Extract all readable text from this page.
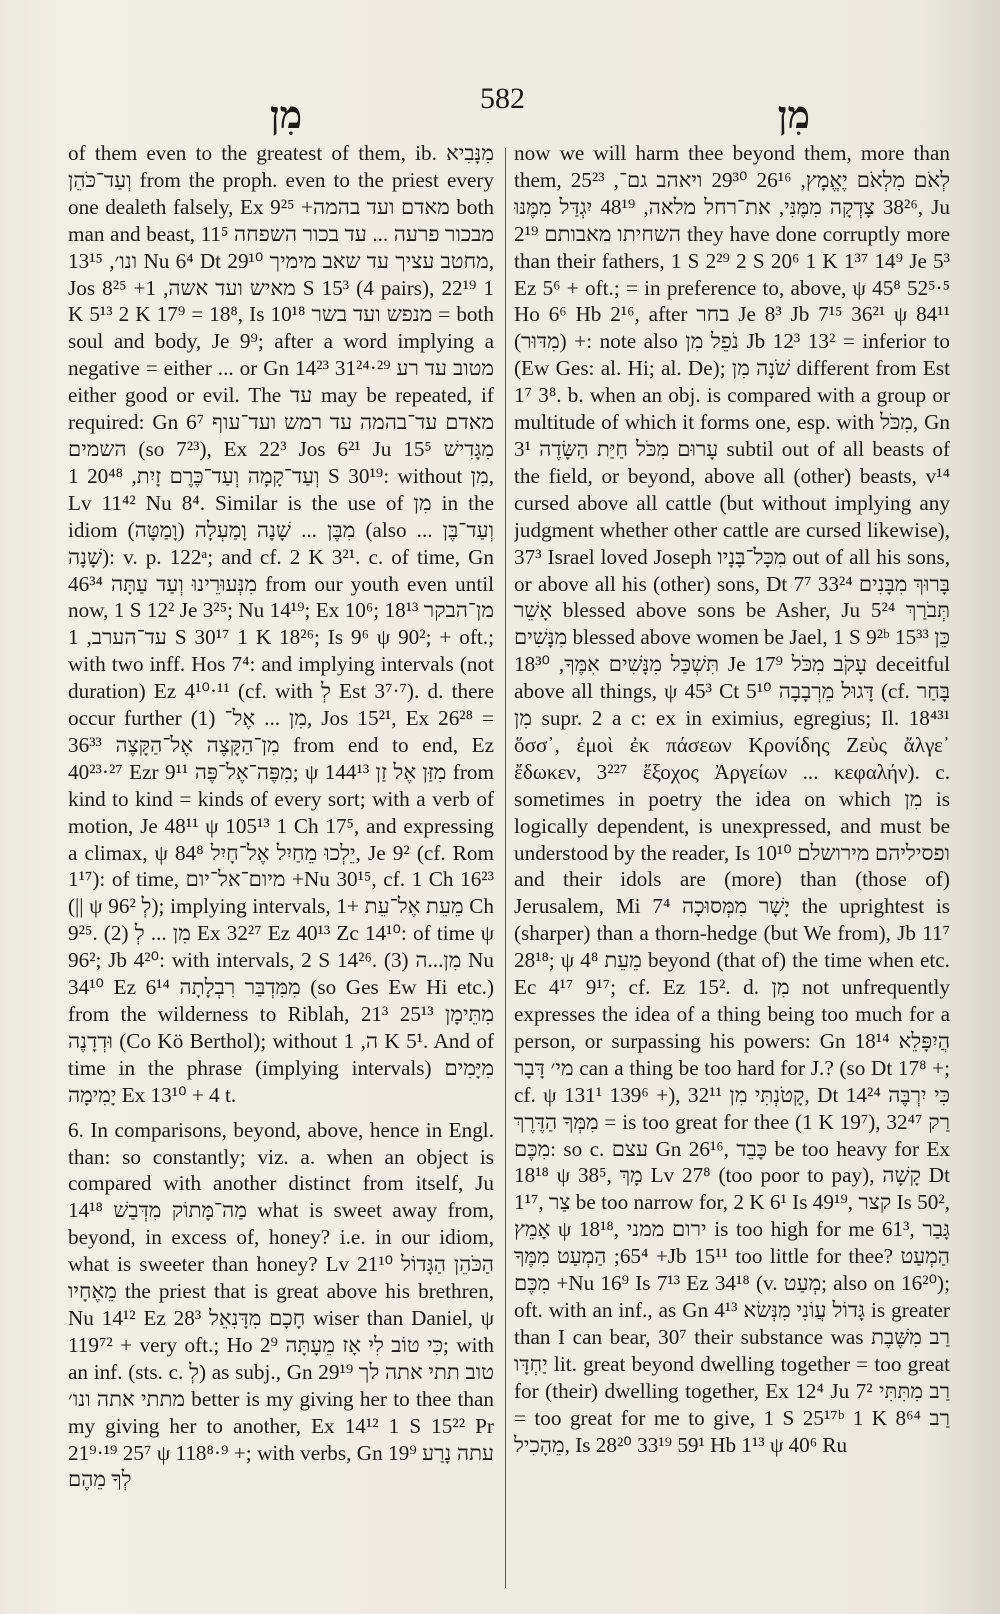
מִן	582	מִן

of them even to the greatest of them, ib. מִנָּבִיא וְעַד־כֹּהֵן from the proph. even to the priest every one dealeth falsely, Ex 9²⁵ +מאדם ועד בהמה both man and beast, 11⁵ מבכור פרעה ... עד בכור השפחה ונו׳, 13¹⁵ Nu 6⁴ Dt 29¹⁰ מחטב עציך עד שאב מימיך, Jos 8²⁵ +מאיש ועד אשה, 1 S 15³ (4 pairs), 22¹⁹ 1 K 5¹³ 2 K 17⁹ = 18⁸, Is 10¹⁸ מנפש ועד בשר = both soul and body, Je 9⁹; after a word implying a negative = either ... or Gn 14²³ 31²⁴·²⁹ מטוב עד רע either good or evil. The עד may be repeated, if required: Gn 6⁷ מאדם עד־בהמה עד רמש ועד־עוף השמים (so 7²³), Ex 22³ Jos 6²¹ Ju 15⁵ מִגָּדִישׁ וְעַד־קָמָה וְעַד־כֶּרֶם זָיִת, 20⁴⁸ 1 S 30¹⁹: without מִן, Lv 11⁴² Nu 8⁴. Similar is the use of מִן in the idiom מִבֶּן ... שָׁנָה וָמַעְלָה (וָמַטָּה) (also וְעַד־בֶּן ... שָׁנָה): v. p. 122ᵃ; and cf. 2 K 3²¹. c. of time, Gn 46³⁴ מִנְּעוּרֵינוּ וְעַד עַתָּה from our youth even until now, 1 S 12² Je 3²⁵; Nu 14¹⁹; Ex 10⁶; 18¹³ מן־הבקר עד־הערב, 1 S 30¹⁷ 1 K 18²⁶; Is 9⁶ ψ 90²; + oft.; with two inff. Hos 7⁴: and implying intervals (not duration) Ez 4¹⁰·¹¹ (cf. with לְ Est 3⁷·⁷). d. there occur further (1) מִן ... אֶל־, Jos 15²¹, Ex 26²⁸ = 36³³ מִן־הַקָּצֶה אֶל־הַקָּצֶה from end to end, Ez 40²³·²⁷ Ezr 9¹¹ מִפֶּה־אֶל־פֶּה; ψ 144¹³ מִזַּן אֶל זַן from kind to kind = kinds of every sort; with a verb of motion, Je 48¹¹ ψ 105¹³ 1 Ch 17⁵, and expressing a climax, ψ 84⁸ יֵלְכוּ מֵחַיִל אֶל־חָיִל, Je 9² (cf. Rom 1¹⁷): of time, מיום־אל־יום +Nu 30¹⁵, cf. 1 Ch 16²³ (|| ψ 96² לְ); implying intervals, מֵעֵת אֶל־עֵת +1 Ch 9²⁵. (2) מִן ... לְ Ex 32²⁷ Ez 40¹³ Zc 14¹⁰: of time ψ 96²; Jb 4²⁰: with intervals, 2 S 14²⁶. (3) מִן...ה Nu 34¹⁰ Ez 6¹⁴ מִמִּדְבַּר רִבְלָתָה (so Ges Ew Hi etc.) from the wilderness to Riblah, 21³ 25¹³ מִתֵּימָן וּדְדָנֶה (Co Kö Berthol); without ה, 1 K 5¹. And of time in the phrase (implying intervals) מִיָּמִים יָמִימָה Ex 13¹⁰ + 4 t.

6. In comparisons, beyond, above, hence in Engl. than: so constantly; viz. a. when an object is compared with another distinct from itself, Ju 14¹⁸ מַה־מָּתוֹק מִדְּבַשׁ what is sweet away from, beyond, in excess of, honey? i.e. in our idiom, what is sweeter than honey? Lv 21¹⁰ הַכֹּהֵן הַגָּדוֹל מֵאֶחָיו the priest that is great above his brethren, Nu 14¹² Ez 28³ חָכָם מִדָּנִאֵל wiser than Daniel, ψ 119⁷² + very oft.; Ho 2⁹ כִּי טוֹב לִי אָז מֵעָתָּה; with an inf. (sts. c. לְ) as subj., Gn 29¹⁹ טוב תתי אתה לך מתתי אתה ונו׳ better is my giving her to thee than my giving her to another, Ex 14¹² 1 S 15²² Pr 21⁹·¹⁹ 25⁷ ψ 118⁸·⁹ +; with verbs, Gn 19⁹ עתה נָרַע לְךָ מֵהֶם

now we will harm thee beyond them, more than them, 25²³ לְאֹם מִלְאֹם יֶאֱמָץ, 26¹⁶ 29³⁰ ויאהב גם־, 38²⁶ צָדְקָה מִמֶּנִּי, את־רחל מלאה, 48¹⁹ יִגְדַּל מִמֶּנּוּ, Ju 2¹⁹ השחיתו מאבותם they have done corruptly more than their fathers, 1 S 2²⁹ 2 S 20⁶ 1 K 1³⁷ 14⁹ Je 5³ Ez 5⁶ + oft.; = in preference to, above, ψ 45⁸ 52⁵·⁵ Ho 6⁶ Hb 2¹⁶, after בחר Je 8³ Jb 7¹⁵ 36²¹ ψ 84¹¹ (מִדּוּר) +: note also נֹפֵל מִן Jb 12³ 13² = inferior to (Ew Ges: al. Hi; al. De); שֹׁנָה מִן different from Est 1⁷ 3⁸. b. when an obj. is compared with a group or multitude of which it forms one, esp. with מִכֹּל, Gn 3¹ עָרוּם מִכֹּל חַיַּת הַשָּׂדֶה subtil out of all beasts of the field, or beyond, above all (other) beasts, v¹⁴ cursed above all cattle (but without implying any judgment whether other cattle are cursed likewise), 37³ Israel loved Joseph מִכָּל־בָּנָיו out of all his sons, or above all his (other) sons, Dt 7⁷ 33²⁴ בָּרוּךְ מִבָּנִים אָשֵׁר blessed above sons be Asher, Ju 5²⁴ תְּבֹרַךְ מִנָּשִׁים blessed above women be Jael, 1 S 9²ᵇ 15³³ כֵּן תִּשְׁכַּל מִנָּשִׁים אִמֶּךָ, 18³⁰ Je 17⁹ עָקֹב מִכֹּל deceitful above all things, ψ 45³ Ct 5¹⁰ דָּגוּל מֵרְבָבָה (cf. בָּחַר מִן supr. 2 a c: ex in eximius, egregius; Il. 18⁴³¹ ὅσσ᾽, ἐμοὶ ἐκ πάσεων Κρονίδης Ζεὺς ἄλγε᾽ ἔδωκεν, 3²²⁷ ἔξοχος Ἀργείων ... κεφαλήν). c. sometimes in poetry the idea on which מִן is logically dependent, is unexpressed, and must be understood by the reader, Is 10¹⁰ ופסיליהם מירושלם and their idols are (more) than (those of) Jerusalem, Mi 7⁴ יָשָׁר מִמְּסוּכָה the uprightest is (sharper) than a thorn-hedge (but We from), Jb 11⁷ 28¹⁸; ψ 4⁸ מֵעֵת beyond (that of) the time when etc. Ec 4¹⁷ 9¹⁷; cf. Ez 15². d. מִן not unfrequently expresses the idea of a thing being too much for a person, or surpassing his powers: Gn 18¹⁴ הֲיִפָּלֵא מי׳ דָּבָר can a thing be too hard for J.? (so Dt 17⁸ +; cf. ψ 131¹ 139⁶ +), 32¹¹ קָטֹנְתִּי מִן, Dt 14²⁴ כִּי יִרְבֶּה מִמְּךָ הַדֶּרֶךְ = is too great for thee (1 K 19⁷), 32⁴⁷ רַק מִכֶּם: so c. עצם Gn 26¹⁶, כָּבֵד be too heavy for Ex 18¹⁸ ψ 38⁵, מָךְ Lv 27⁸ (too poor to pay), קָשָׁה Dt 1¹⁷, צַר be too narrow for, 2 K 6¹ Is 49¹⁹, קצר Is 50², אָמֵץ ψ 18¹⁸, ירום ממני is too high for me 61³, גָּבַר 65⁴; הַמְעַט מִמֶּךָ +Jb 15¹¹ too little for thee? הַמְעַט מִכֶּם +Nu 16⁹ Is 7¹³ Ez 34¹⁸ (v. מְעַט; also on 16²⁰); oft. with an inf., as Gn 4¹³ גָּדוֹל עֲוֹנִי מִנְּשׂא is greater than I can bear, 30⁷ their substance was רַב מִשֶּׁבֶת יַחְדָּו lit. great beyond dwelling together = too great for (their) dwelling together, Ex 12⁴ Ju 7² רַב מִתִּתִּי = too great for me to give, 1 S 25¹⁷ᵇ 1 K 8⁶⁴ רַב מֵהָכִיל, Is 28²⁰ 33¹⁹ 59¹ Hb 1¹³ ψ 40⁶ Ru
